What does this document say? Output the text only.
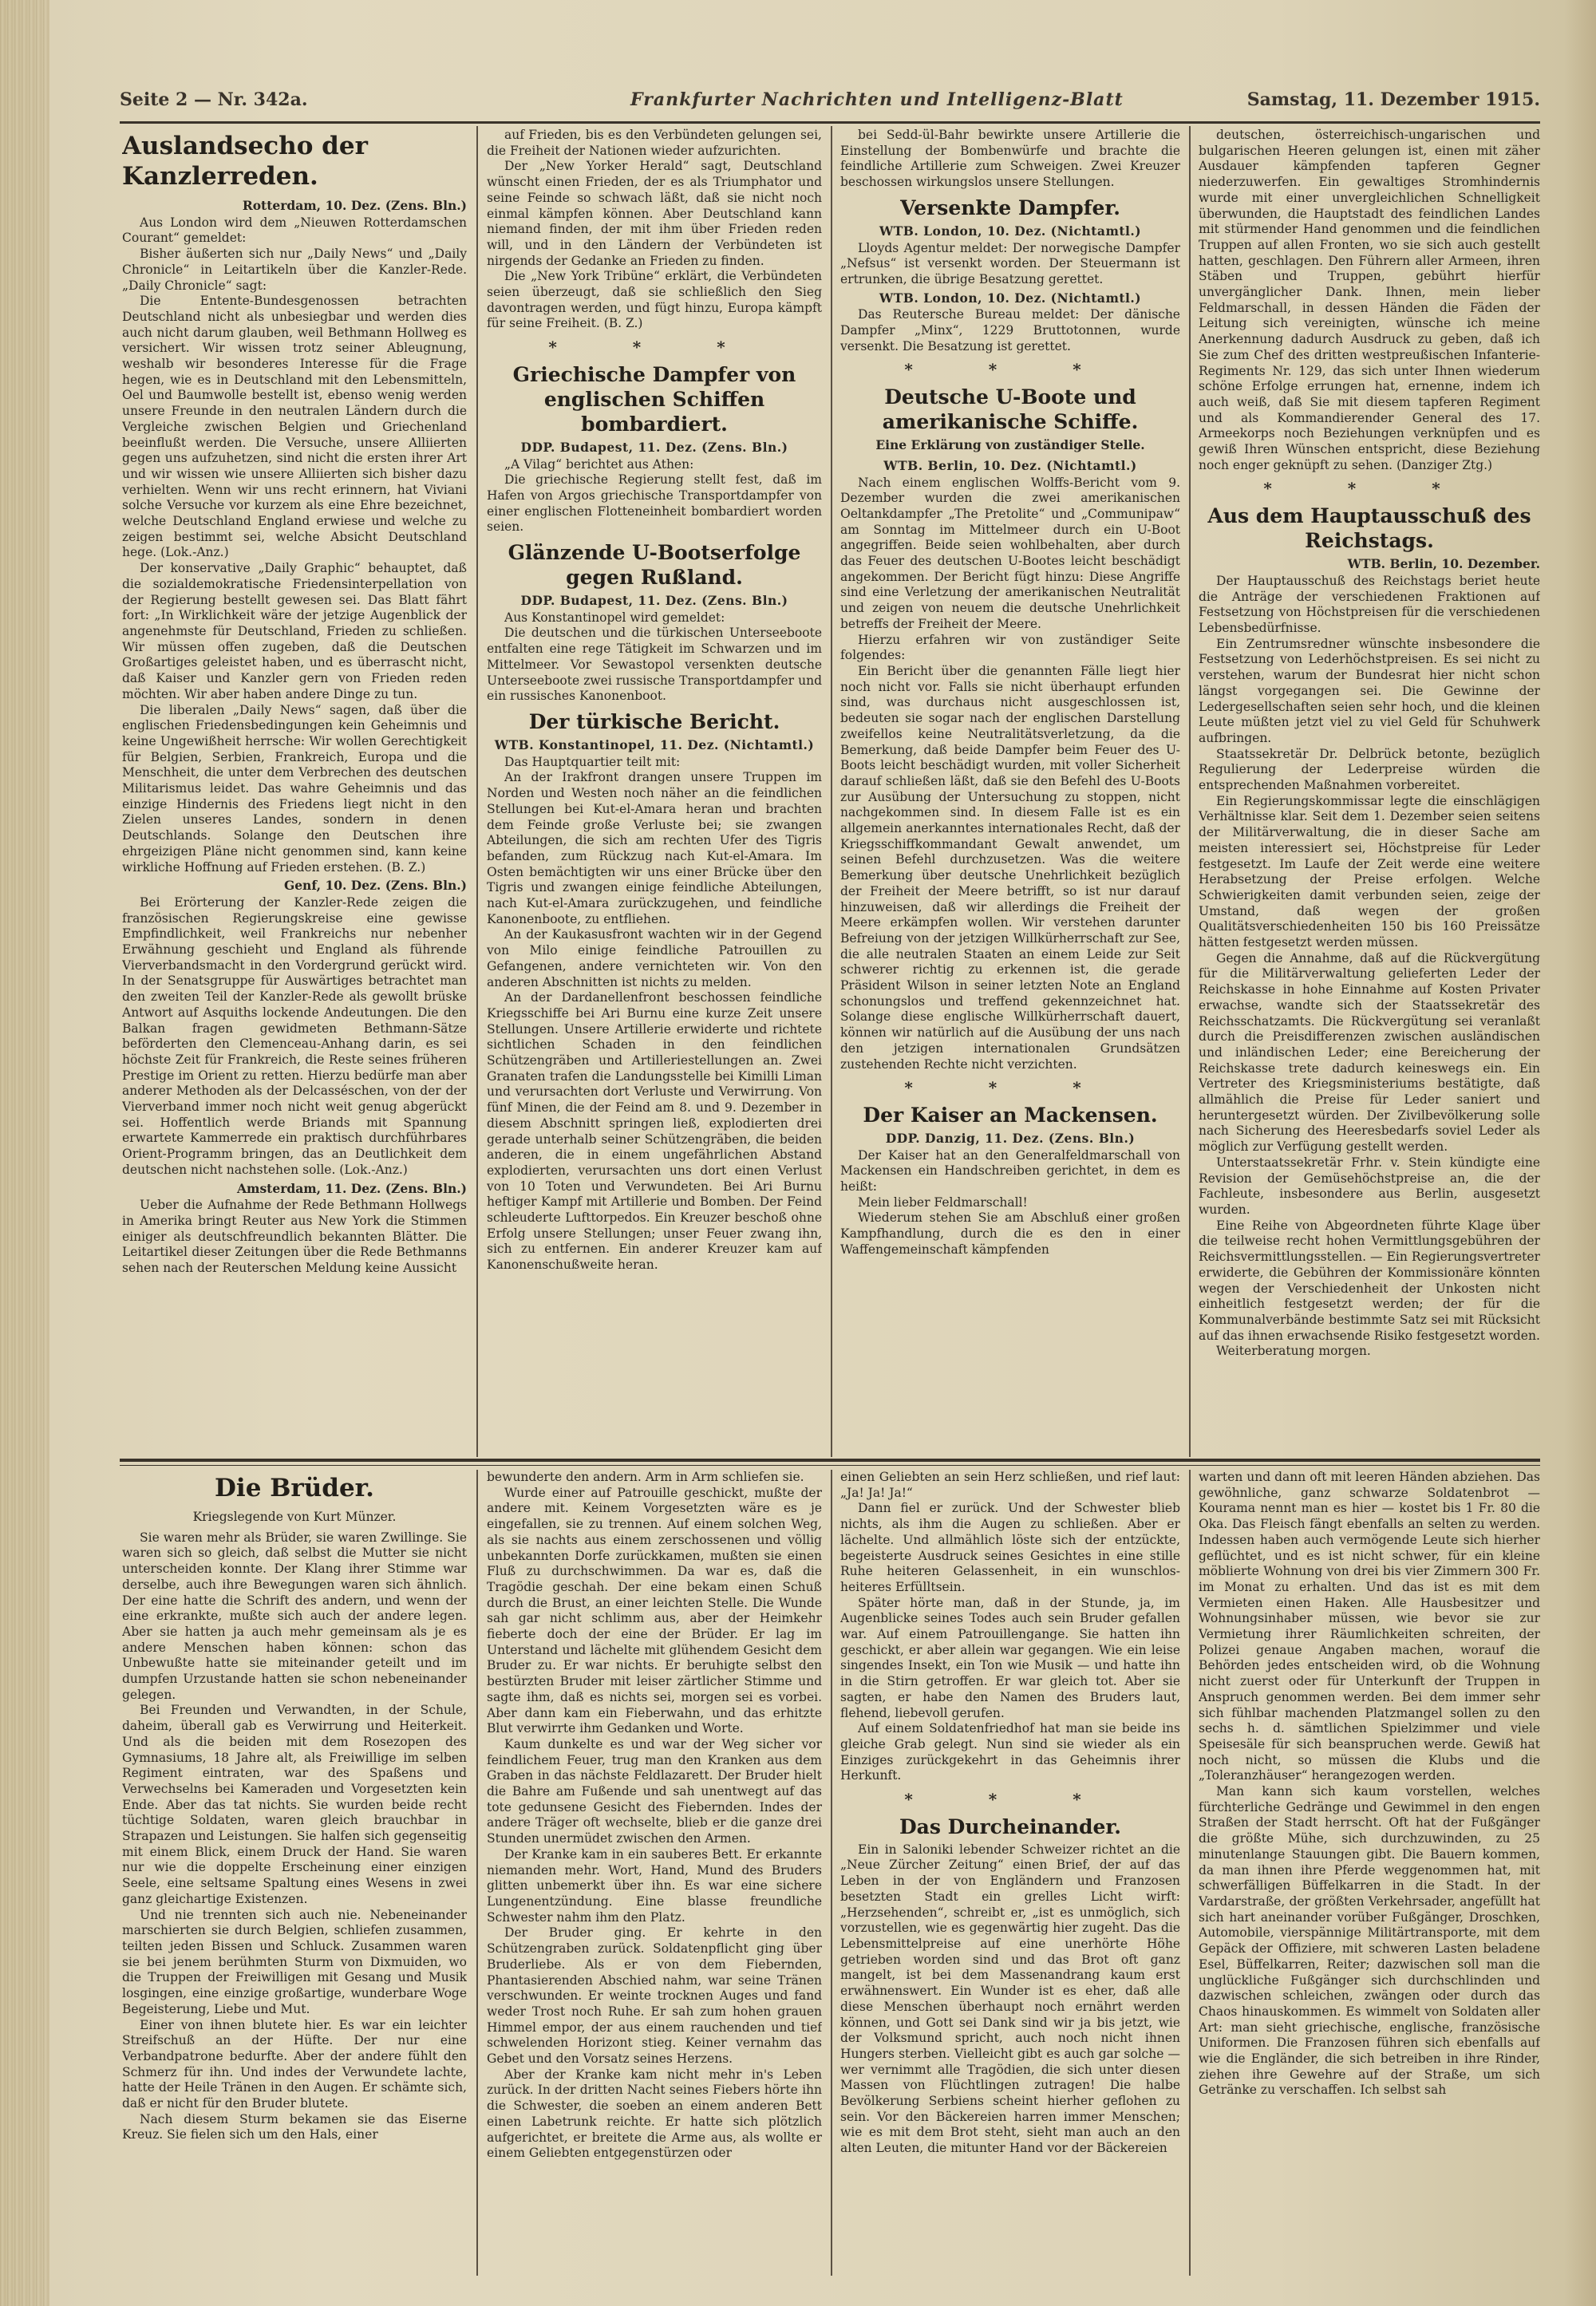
Seite 2 — Nr. 342a.	Frankfurter Nachrichten und Intelligenz-Blatt	Samstag, 11. Dezember 1915.
Auslandsecho der Kanzlerreden.
Rotterdam, 10. Dez. (Zens. Bln.)

Aus London wird dem „Nieuwen Rotterdamschen Courant“ gemeldet:

Bisher äußerten sich nur „Daily News“ und „Daily Chronicle“ in Leitartikeln über die Kanzler-Rede. „Daily Chronicle“ sagt:

Die Entente-Bundesgenossen betrachten Deutschland nicht als unbesiegbar und werden dies auch nicht darum glauben, weil Bethmann Hollweg es versichert. Wir wissen trotz seiner Ableugnung, weshalb wir besonderes Interesse für die Frage hegen, wie es in Deutschland mit den Lebensmitteln, Oel und Baumwolle bestellt ist, ebenso wenig werden unsere Freunde in den neutralen Ländern durch die Vergleiche zwischen Belgien und Griechenland beeinflußt werden. Die Versuche, unsere Alliierten gegen uns aufzuhetzen, sind nicht die ersten ihrer Art und wir wissen wie unsere Alliierten sich bisher dazu verhielten. Wenn wir uns recht erinnern, hat Viviani solche Versuche vor kurzem als eine Ehre bezeichnet, welche Deutschland England erwiese und welche zu zeigen bestimmt sei, welche Absicht Deutschland hege. (Lok.-Anz.)

Der konservative „Daily Graphic“ behauptet, daß die sozialdemokratische Friedensinterpellation von der Regierung bestellt gewesen sei. Das Blatt fährt fort: „In Wirklichkeit wäre der jetzige Augenblick der angenehmste für Deutschland, Frieden zu schließen. Wir müssen offen zugeben, daß die Deutschen Großartiges geleistet haben, und es überrascht nicht, daß Kaiser und Kanzler gern von Frieden reden möchten. Wir aber haben andere Dinge zu tun.

Die liberalen „Daily News“ sagen, daß über die englischen Friedensbedingungen kein Geheimnis und keine Ungewißheit herrsche: Wir wollen Gerechtigkeit für Belgien, Serbien, Frankreich, Europa und die Menschheit, die unter dem Verbrechen des deutschen Militarismus leidet. Das wahre Geheimnis und das einzige Hindernis des Friedens liegt nicht in den Zielen unseres Landes, sondern in denen Deutschlands. Solange den Deutschen ihre ehrgeizigen Pläne nicht genommen sind, kann keine wirkliche Hoffnung auf Frieden erstehen. (B. Z.)

Genf, 10. Dez. (Zens. Bln.)

Bei Erörterung der Kanzler-Rede zeigen die französischen Regierungskreise eine gewisse Empfindlichkeit, weil Frankreichs nur nebenher Erwähnung geschieht und England als führende Vierverbandsmacht in den Vordergrund gerückt wird. In der Senatsgruppe für Auswärtiges betrachtet man den zweiten Teil der Kanzler-Rede als gewollt brüske Antwort auf Asquiths lockende Andeutungen. Die den Balkan fragen gewidmeten Bethmann-Sätze beförderten den Clemenceau-Anhang darin, es sei höchste Zeit für Frankreich, die Reste seines früheren Prestige im Orient zu retten. Hierzu bedürfe man aber anderer Methoden als der Delcasséschen, von der der Vierverband immer noch nicht weit genug abgerückt sei. Hoffentlich werde Briands mit Spannung erwartete Kammerrede ein praktisch durchführbares Orient-Programm bringen, das an Deutlichkeit dem deutschen nicht nachstehen solle. (Lok.-Anz.)

Amsterdam, 11. Dez. (Zens. Bln.)

Ueber die Aufnahme der Rede Bethmann Hollwegs in Amerika bringt Reuter aus New York die Stimmen einiger als deutschfreundlich bekannten Blätter. Die Leitartikel dieser Zeitungen über die Rede Bethmanns sehen nach der Reuterschen Meldung keine Aussicht

auf Frieden, bis es den Verbündeten gelungen sei, die Freiheit der Nationen wieder aufzurichten.

Der „New Yorker Herald“ sagt, Deutschland wünscht einen Frieden, der es als Triumphator und seine Feinde so schwach läßt, daß sie nicht noch einmal kämpfen können. Aber Deutschland kann niemand finden, der mit ihm über Frieden reden will, und in den Ländern der Verbündeten ist nirgends der Gedanke an Frieden zu finden.

Die „New York Tribüne“ erklärt, die Verbündeten seien überzeugt, daß sie schließlich den Sieg davontragen werden, und fügt hinzu, Europa kämpft für seine Freiheit. (B. Z.)

* * *
Griechische Dampfer von englischen Schiffen bombardiert.
DDP. Budapest, 11. Dez. (Zens. Bln.)

„A Vilag“ berichtet aus Athen:

Die griechische Regierung stellt fest, daß im Hafen von Argos griechische Transportdampfer von einer englischen Flotteneinheit bombardiert worden seien.

Glänzende U-Bootserfolge gegen Rußland.
DDP. Budapest, 11. Dez. (Zens. Bln.)

Aus Konstantinopel wird gemeldet:

Die deutschen und die türkischen Unterseeboote entfalten eine rege Tätigkeit im Schwarzen und im Mittelmeer. Vor Sewastopol versenkten deutsche Unterseeboote zwei russische Transportdampfer und ein russisches Kanonenboot.

Der türkische Bericht.
WTB. Konstantinopel, 11. Dez. (Nichtamtl.)

Das Hauptquartier teilt mit:

An der Irakfront drangen unsere Truppen im Norden und Westen noch näher an die feindlichen Stellungen bei Kut-el-Amara heran und brachten dem Feinde große Verluste bei; sie zwangen Abteilungen, die sich am rechten Ufer des Tigris befanden, zum Rückzug nach Kut-el-Amara. Im Osten bemächtigten wir uns einer Brücke über den Tigris und zwangen einige feindliche Abteilungen, nach Kut-el-Amara zurückzugehen, und feindliche Kanonenboote, zu entfliehen.

An der Kaukasusfront wachten wir in der Gegend von Milo einige feindliche Patrouillen zu Gefangenen, andere vernichteten wir. Von den anderen Abschnitten ist nichts zu melden.

An der Dardanellenfront beschossen feindliche Kriegsschiffe bei Ari Burnu eine kurze Zeit unsere Stellungen. Unsere Artillerie erwiderte und richtete sichtlichen Schaden in den feindlichen Schützengräben und Artilleriestellungen an. Zwei Granaten trafen die Landungsstelle bei Kimilli Liman und verursachten dort Verluste und Verwirrung. Von fünf Minen, die der Feind am 8. und 9. Dezember in diesem Abschnitt springen ließ, explodierten drei gerade unterhalb seiner Schützengräben, die beiden anderen, die in einem ungefährlichen Abstand explodierten, verursachten uns dort einen Verlust von 10 Toten und Verwundeten. Bei Ari Burnu heftiger Kampf mit Artillerie und Bomben. Der Feind schleuderte Lufttorpedos. Ein Kreuzer beschoß ohne Erfolg unsere Stellungen; unser Feuer zwang ihn, sich zu entfernen. Ein anderer Kreuzer kam auf Kanonenschußweite heran.

bei Sedd-ül-Bahr bewirkte unsere Artillerie die Einstellung der Bombenwürfe und brachte die feindliche Artillerie zum Schweigen. Zwei Kreuzer beschossen wirkungslos unsere Stellungen.

Versenkte Dampfer.
WTB. London, 10. Dez. (Nichtamtl.)

Lloyds Agentur meldet: Der norwegische Dampfer „Nefsus“ ist versenkt worden. Der Steuermann ist ertrunken, die übrige Besatzung gerettet.

WTB. London, 10. Dez. (Nichtamtl.)

Das Reutersche Bureau meldet: Der dänische Dampfer „Minx“, 1229 Bruttotonnen, wurde versenkt. Die Besatzung ist gerettet.

* * *
Deutsche U-Boote und amerikanische Schiffe.
Eine Erklärung von zuständiger Stelle.
WTB. Berlin, 10. Dez. (Nichtamtl.)

Nach einem englischen Wolffs-Bericht vom 9. Dezember wurden die zwei amerikanischen Oeltankdampfer „The Pretolite“ und „Communipaw“ am Sonntag im Mittelmeer durch ein U-Boot angegriffen. Beide seien wohlbehalten, aber durch das Feuer des deutschen U-Bootes leicht beschädigt angekommen. Der Bericht fügt hinzu: Diese Angriffe sind eine Verletzung der amerikanischen Neutralität und zeigen von neuem die deutsche Unehrlichkeit betreffs der Freiheit der Meere.

Hierzu erfahren wir von zuständiger Seite folgendes:

Ein Bericht über die genannten Fälle liegt hier noch nicht vor. Falls sie nicht überhaupt erfunden sind, was durchaus nicht ausgeschlossen ist, bedeuten sie sogar nach der englischen Darstellung zweifellos keine Neutralitätsverletzung, da die Bemerkung, daß beide Dampfer beim Feuer des U-Boots leicht beschädigt wurden, mit voller Sicherheit darauf schließen läßt, daß sie den Befehl des U-Boots zur Ausübung der Untersuchung zu stoppen, nicht nachgekommen sind. In diesem Falle ist es ein allgemein anerkanntes internationales Recht, daß der Kriegsschiffkommandant Gewalt anwendet, um seinen Befehl durchzusetzen. Was die weitere Bemerkung über deutsche Unehrlichkeit bezüglich der Freiheit der Meere betrifft, so ist nur darauf hinzuweisen, daß wir allerdings die Freiheit der Meere erkämpfen wollen. Wir verstehen darunter Befreiung von der jetzigen Willkürherrschaft zur See, die alle neutralen Staaten an einem Leide zur Seit schwerer richtig zu erkennen ist, die gerade Präsident Wilson in seiner letzten Note an England schonungslos und treffend gekennzeichnet hat. Solange diese englische Willkürherrschaft dauert, können wir natürlich auf die Ausübung der uns nach den jetzigen internationalen Grundsätzen zustehenden Rechte nicht verzichten.

* * *
Der Kaiser an Mackensen.
DDP. Danzig, 11. Dez. (Zens. Bln.)

Der Kaiser hat an den Generalfeldmarschall von Mackensen ein Handschreiben gerichtet, in dem es heißt:

Mein lieber Feldmarschall!

Wiederum stehen Sie am Abschluß einer großen Kampfhandlung, durch die es den in einer Waffengemeinschaft kämpfenden

deutschen, österreichisch-ungarischen und bulgarischen Heeren gelungen ist, einen mit zäher Ausdauer kämpfenden tapferen Gegner niederzuwerfen. Ein gewaltiges Stromhindernis wurde mit einer unvergleichlichen Schnelligkeit überwunden, die Hauptstadt des feindlichen Landes mit stürmender Hand genommen und die feindlichen Truppen auf allen Fronten, wo sie sich auch gestellt hatten, geschlagen. Den Führern aller Armeen, ihren Stäben und Truppen, gebührt hierfür unvergänglicher Dank. Ihnen, mein lieber Feldmarschall, in dessen Händen die Fäden der Leitung sich vereinigten, wünsche ich meine Anerkennung dadurch Ausdruck zu geben, daß ich Sie zum Chef des dritten westpreußischen Infanterie-Regiments Nr. 129, das sich unter Ihnen wiederum schöne Erfolge errungen hat, ernenne, indem ich auch weiß, daß Sie mit diesem tapferen Regiment und als Kommandierender General des 17. Armeekorps noch Beziehungen verknüpfen und es gewiß Ihren Wünschen entspricht, diese Beziehung noch enger geknüpft zu sehen. (Danziger Ztg.)

* * *
Aus dem Hauptausschuß des Reichstags.
WTB. Berlin, 10. Dezember.

Der Hauptausschuß des Reichstags beriet heute die Anträge der verschiedenen Fraktionen auf Festsetzung von Höchstpreisen für die verschiedenen Lebensbedürfnisse.

Ein Zentrumsredner wünschte insbesondere die Festsetzung von Lederhöchstpreisen. Es sei nicht zu verstehen, warum der Bundesrat hier nicht schon längst vorgegangen sei. Die Gewinne der Ledergesellschaften seien sehr hoch, und die kleinen Leute müßten jetzt viel zu viel Geld für Schuhwerk aufbringen.

Staatssekretär Dr. Delbrück betonte, bezüglich Regulierung der Lederpreise würden die entsprechenden Maßnahmen vorbereitet.

Ein Regierungskommissar legte die einschlägigen Verhältnisse klar. Seit dem 1. Dezember seien seitens der Militärverwaltung, die in dieser Sache am meisten interessiert sei, Höchstpreise für Leder festgesetzt. Im Laufe der Zeit werde eine weitere Herabsetzung der Preise erfolgen. Welche Schwierigkeiten damit verbunden seien, zeige der Umstand, daß wegen der großen Qualitätsverschiedenheiten 150 bis 160 Preissätze hätten festgesetzt werden müssen.

Gegen die Annahme, daß auf die Rückvergütung für die Militärverwaltung gelieferten Leder der Reichskasse in hohe Einnahme auf Kosten Privater erwachse, wandte sich der Staatssekretär des Reichsschatzamts. Die Rückvergütung sei veranlaßt durch die Preisdifferenzen zwischen ausländischen und inländischen Leder; eine Bereicherung der Reichskasse trete dadurch keineswegs ein. Ein Vertreter des Kriegsministeriums bestätigte, daß allmählich die Preise für Leder saniert und heruntergesetzt würden. Der Zivilbevölkerung solle nach Sicherung des Heeresbedarfs soviel Leder als möglich zur Verfügung gestellt werden.

Unterstaatssekretär Frhr. v. Stein kündigte eine Revision der Gemüsehöchstpreise an, die der Fachleute, insbesondere aus Berlin, ausgesetzt wurden.

Eine Reihe von Abgeordneten führte Klage über die teilweise recht hohen Vermittlungsgebühren der Reichsvermittlungsstellen. — Ein Regierungsvertreter erwiderte, die Gebühren der Kommissionäre könnten wegen der Verschiedenheit der Unkosten nicht einheitlich festgesetzt werden; der für die Kommunalverbände bestimmte Satz sei mit Rücksicht auf das ihnen erwachsende Risiko festgesetzt worden.

Weiterberatung morgen.

Die Brüder.
Kriegslegende von Kurt Münzer.

Sie waren mehr als Brüder, sie waren Zwillinge. Sie waren sich so gleich, daß selbst die Mutter sie nicht unterscheiden konnte. Der Klang ihrer Stimme war derselbe, auch ihre Bewegungen waren sich ähnlich. Der eine hatte die Schrift des andern, und wenn der eine erkrankte, mußte sich auch der andere legen. Aber sie hatten ja auch mehr gemeinsam als je es andere Menschen haben können: schon das Unbewußte hatte sie miteinander geteilt und im dumpfen Urzustande hatten sie schon nebeneinander gelegen.

Bei Freunden und Verwandten, in der Schule, daheim, überall gab es Verwirrung und Heiterkeit. Und als die beiden mit dem Rosezopen des Gymnasiums, 18 Jahre alt, als Freiwillige im selben Regiment eintraten, war des Spaßens und Verwechselns bei Kameraden und Vorgesetzten kein Ende. Aber das tat nichts. Sie wurden beide recht tüchtige Soldaten, waren gleich brauchbar in Strapazen und Leistungen. Sie halfen sich gegenseitig mit einem Blick, einem Druck der Hand. Sie waren nur wie die doppelte Erscheinung einer einzigen Seele, eine seltsame Spaltung eines Wesens in zwei ganz gleichartige Existenzen.

Und nie trennten sich auch nie. Nebeneinander marschierten sie durch Belgien, schliefen zusammen, teilten jeden Bissen und Schluck. Zusammen waren sie bei jenem berühmten Sturm von Dixmuiden, wo die Truppen der Freiwilligen mit Gesang und Musik losgingen, eine einzige großartige, wunderbare Woge Begeisterung, Liebe und Mut.

Einer von ihnen blutete hier. Es war ein leichter Streifschuß an der Hüfte. Der nur eine Verbandpatrone bedurfte. Aber der andere fühlt den Schmerz für ihn. Und indes der Verwundete lachte, hatte der Heile Tränen in den Augen. Er schämte sich, daß er nicht für den Bruder blutete.

Nach diesem Sturm bekamen sie das Eiserne Kreuz. Sie fielen sich um den Hals, einer

bewunderte den andern. Arm in Arm schliefen sie.

Wurde einer auf Patrouille geschickt, mußte der andere mit. Keinem Vorgesetzten wäre es je eingefallen, sie zu trennen. Auf einem solchen Weg, als sie nachts aus einem zerschossenen und völlig unbekannten Dorfe zurückkamen, mußten sie einen Fluß zu durchschwimmen. Da war es, daß die Tragödie geschah. Der eine bekam einen Schuß durch die Brust, an einer leichten Stelle. Die Wunde sah gar nicht schlimm aus, aber der Heimkehr fieberte doch der eine der Brüder. Er lag im Unterstand und lächelte mit glühendem Gesicht dem Bruder zu. Er war nichts. Er beruhigte selbst den bestürzten Bruder mit leiser zärtlicher Stimme und sagte ihm, daß es nichts sei, morgen sei es vorbei. Aber dann kam ein Fieberwahn, und das erhitzte Blut verwirrte ihm Gedanken und Worte.

Kaum dunkelte es und war der Weg sicher vor feindlichem Feuer, trug man den Kranken aus dem Graben in das nächste Feldlazarett. Der Bruder hielt die Bahre am Fußende und sah unentwegt auf das tote gedunsene Gesicht des Fiebernden. Indes der andere Träger oft wechselte, blieb er die ganze drei Stunden unermüdet zwischen den Armen.

Der Kranke kam in ein sauberes Bett. Er erkannte niemanden mehr. Wort, Hand, Mund des Bruders glitten unbemerkt über ihn. Es war eine sichere Lungenentzündung. Eine blasse freundliche Schwester nahm ihm den Platz.

Der Bruder ging. Er kehrte in den Schützengraben zurück. Soldatenpflicht ging über Bruderliebe. Als er von dem Fiebernden, Phantasierenden Abschied nahm, war seine Tränen verschwunden. Er weinte trocknen Auges und fand weder Trost noch Ruhe. Er sah zum hohen grauen Himmel empor, der aus einem rauchenden und tief schwelenden Horizont stieg. Keiner vernahm das Gebet und den Vorsatz seines Herzens.

Aber der Kranke kam nicht mehr in's Leben zurück. In der dritten Nacht seines Fiebers hörte ihn die Schwester, die soeben an einem anderen Bett einen Labetrunk reichte. Er hatte sich plötzlich aufgerichtet, er breitete die Arme aus, als wollte er einem Geliebten entgegenstürzen oder

einen Geliebten an sein Herz schließen, und rief laut: „Ja! Ja! Ja!“

Dann fiel er zurück. Und der Schwester blieb nichts, als ihm die Augen zu schließen. Aber er lächelte. Und allmählich löste sich der entzückte, begeisterte Ausdruck seines Gesichtes in eine stille Ruhe heiteren Gelassenheit, in ein wunschlos-heiteres Erfülltsein.

Später hörte man, daß in der Stunde, ja, im Augenblicke seines Todes auch sein Bruder gefallen war. Auf einem Patrouillengange. Sie hatten ihn geschickt, er aber allein war gegangen. Wie ein leise singendes Insekt, ein Ton wie Musik — und hatte ihn in die Stirn getroffen. Er war gleich tot. Aber sie sagten, er habe den Namen des Bruders laut, flehend, liebevoll gerufen.

Auf einem Soldatenfriedhof hat man sie beide ins gleiche Grab gelegt. Nun sind sie wieder als ein Einziges zurückgekehrt in das Geheimnis ihrer Herkunft.

* * *
Das Durcheinander.

Ein in Saloniki lebender Schweizer richtet an die „Neue Zürcher Zeitung“ einen Brief, der auf das Leben in der von Engländern und Franzosen besetzten Stadt ein grelles Licht wirft: „Herzsehenden“, schreibt er, „ist es unmöglich, sich vorzustellen, wie es gegenwärtig hier zugeht. Das die Lebensmittelpreise auf eine unerhörte Höhe getrieben worden sind und das Brot oft ganz mangelt, ist bei dem Massenandrang kaum erst erwähnenswert. Ein Wunder ist es eher, daß alle diese Menschen überhaupt noch ernährt werden können, und Gott sei Dank sind wir ja bis jetzt, wie der Volksmund spricht, auch noch nicht ihnen Hungers sterben. Vielleicht gibt es auch gar solche — wer vernimmt alle Tragödien, die sich unter diesen Massen von Flüchtlingen zutragen! Die halbe Bevölkerung Serbiens scheint hierher geflohen zu sein. Vor den Bäckereien harren immer Menschen; wie es mit dem Brot steht, sieht man auch an den alten Leuten, die mitunter Hand vor der Bäckereien

warten und dann oft mit leeren Händen abziehen. Das gewöhnliche, ganz schwarze Soldatenbrot — Kourama nennt man es hier — kostet bis 1 Fr. 80 die Oka. Das Fleisch fängt ebenfalls an selten zu werden. Indessen haben auch vermögende Leute sich hierher geflüchtet, und es ist nicht schwer, für ein kleine möblierte Wohnung von drei bis vier Zimmern 300 Fr. im Monat zu erhalten. Und das ist es mit dem Vermieten einen Haken. Alle Hausbesitzer und Wohnungsinhaber müssen, wie bevor sie zur Vermietung ihrer Räumlichkeiten schreiten, der Polizei genaue Angaben machen, worauf die Behörden jedes entscheiden wird, ob die Wohnung nicht zuerst oder für Unterkunft der Truppen in Anspruch genommen werden. Bei dem immer sehr sich fühlbar machenden Platzmangel sollen zu den sechs h. d. sämtlichen Spielzimmer und viele Speisesäle für sich beanspruchen werde. Gewiß hat noch nicht, so müssen die Klubs und die „Toleranzhäuser“ herangezogen werden.

Man kann sich kaum vorstellen, welches fürchterliche Gedränge und Gewimmel in den engen Straßen der Stadt herrscht. Oft hat der Fußgänger die größte Mühe, sich durchzuwinden, zu 25 minutenlange Stauungen gibt. Die Bauern kommen, da man ihnen ihre Pferde weggenommen hat, mit schwerfälligen Büffelkarren in die Stadt. In der Vardarstraße, der größten Verkehrsader, angefüllt hat sich hart aneinander vorüber Fußgänger, Droschken, Automobile, vierspännige Militärtransporte, mit dem Gepäck der Offiziere, mit schweren Lasten beladene Esel, Büffelkarren, Reiter; dazwischen soll man die unglückliche Fußgänger sich durchschlinden und dazwischen schleichen, zwängen oder durch das Chaos hinauskommen. Es wimmelt von Soldaten aller Art: man sieht griechische, englische, französische Uniformen. Die Franzosen führen sich ebenfalls auf wie die Engländer, die sich betreiben in ihre Rinder, ziehen ihre Gewehre auf der Straße, um sich Getränke zu verschaffen. Ich selbst sah
